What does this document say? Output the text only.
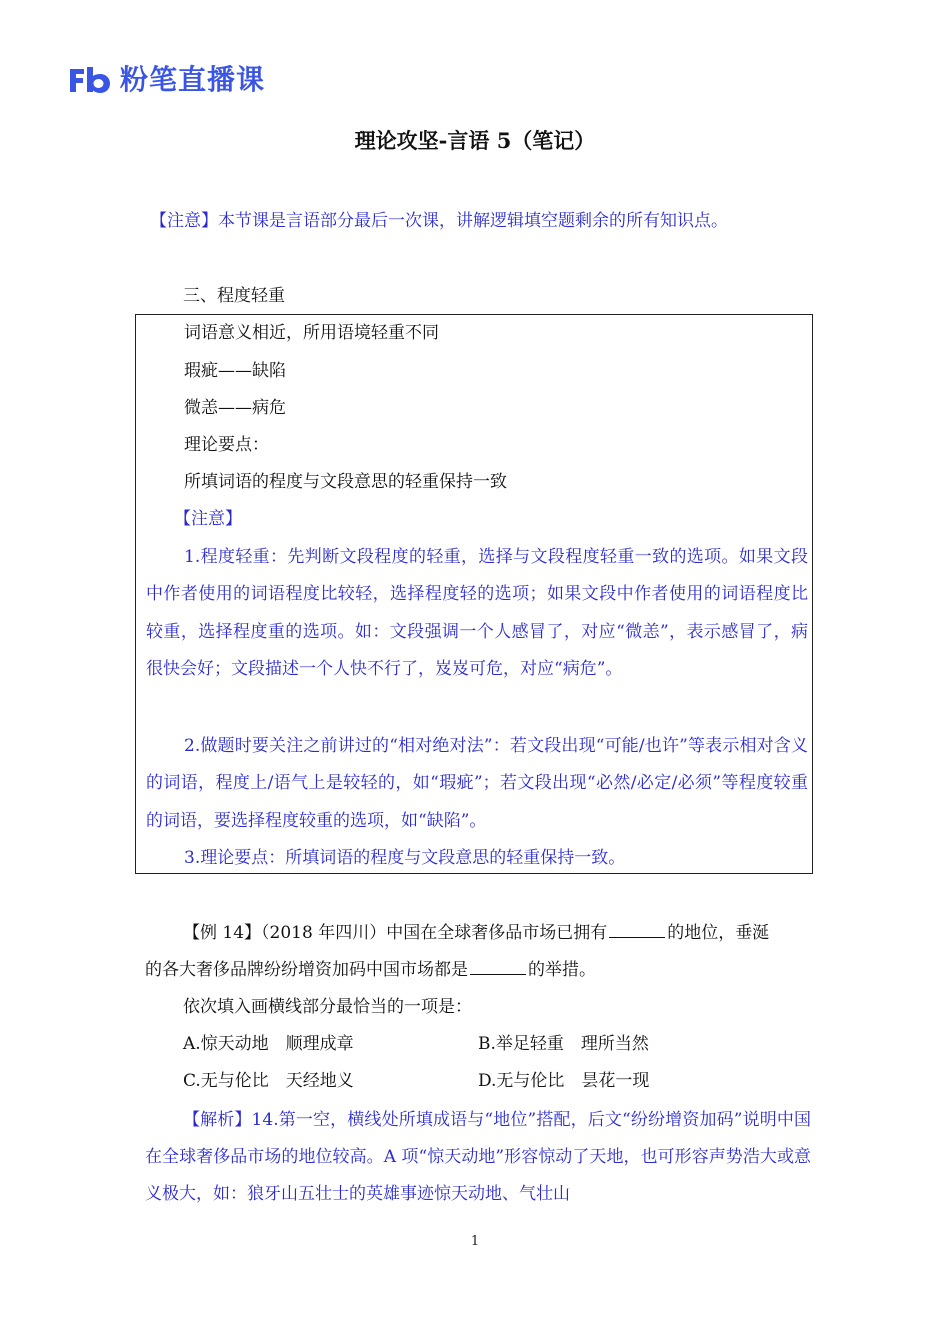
粉笔直播课
理论攻坚-言语 5（笔记）
【注意】本节课是言语部分最后一次课，讲解逻辑填空题剩余的所有知识点。
三、程度轻重
词语意义相近，所用语境轻重不同
瑕疵——缺陷
微恙——病危
理论要点：
所填词语的程度与文段意思的轻重保持一致
【注意】
1.程度轻重：先判断文段程度的轻重，选择与文段程度轻重一致的选项。如果文段中作者使用的词语程度比较轻，选择程度轻的选项；如果文段中作者使用的词语程度比较重，选择程度重的选项。如：文段强调一个人感冒了，对应“微恙”，表示感冒了，病很快会好；文段描述一个人快不行了，岌岌可危，对应“病危”。
2.做题时要关注之前讲过的“相对绝对法”：若文段出现“可能/也许”等表示相对含义的词语，程度上/语气上是较轻的，如“瑕疵”；若文段出现“必然/必定/必须”等程度较重的词语，要选择程度较重的选项，如“缺陷”。
3.理论要点：所填词语的程度与文段意思的轻重保持一致。
【例 14】（2018 年四川）中国在全球奢侈品市场已拥有	的地位，垂涎
的各大奢侈品牌纷纷增资加码中国市场都是	的举措。
依次填入画横线部分最恰当的一项是：
A.惊天动地　顺理成章	B.举足轻重　理所当然
C.无与伦比　天经地义	D.无与伦比　昙花一现
【解析】14.第一空，横线处所填成语与“地位”搭配，后文“纷纷增资加码”说明中国在全球奢侈品市场的地位较高。A 项“惊天动地”形容惊动了天地，也可形容声势浩大或意义极大，如：狼牙山五壮士的英雄事迹惊天动地、气壮山
1
